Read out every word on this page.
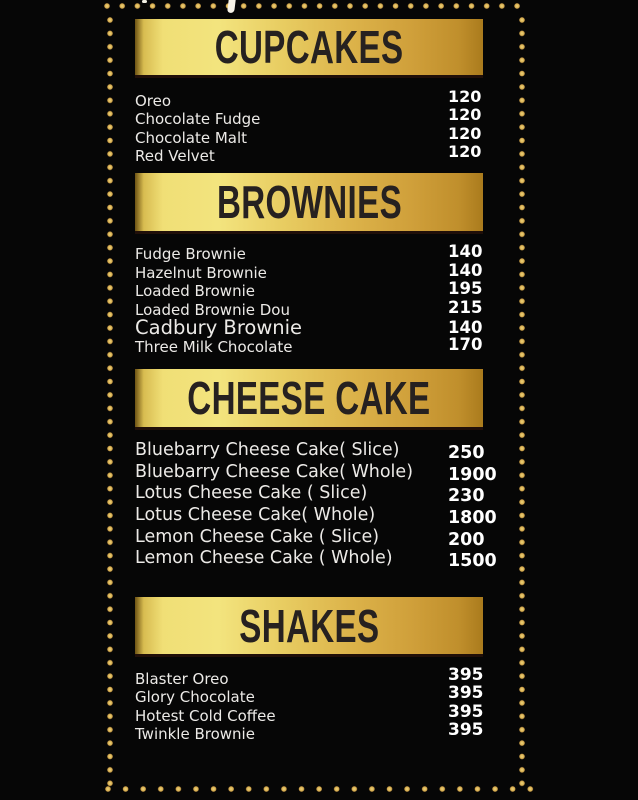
CUPCAKES
Oreo	120
Chocolate Fudge	120
Chocolate Malt	120
Red Velvet	120
BROWNIES
Fudge Brownie	140
Hazelnut Brownie	140
Loaded Brownie	195
Loaded Brownie Dou	215
Cadbury Brownie	140
Three Milk Chocolate	170
CHEESE CAKE
Bluebarry Cheese Cake( Slice)	250
Bluebarry Cheese Cake( Whole) 1900
Lotus Cheese Cake ( Slice)	230
Lotus Cheese Cake( Whole)	1800
Lemon Cheese Cake ( Slice)	200
Lemon Cheese Cake ( Whole)	1500
SHAKES
Blaster Oreo	395
Glory Chocolate	395
Hotest Cold Coffee	395
Twinkle Brownie	395
